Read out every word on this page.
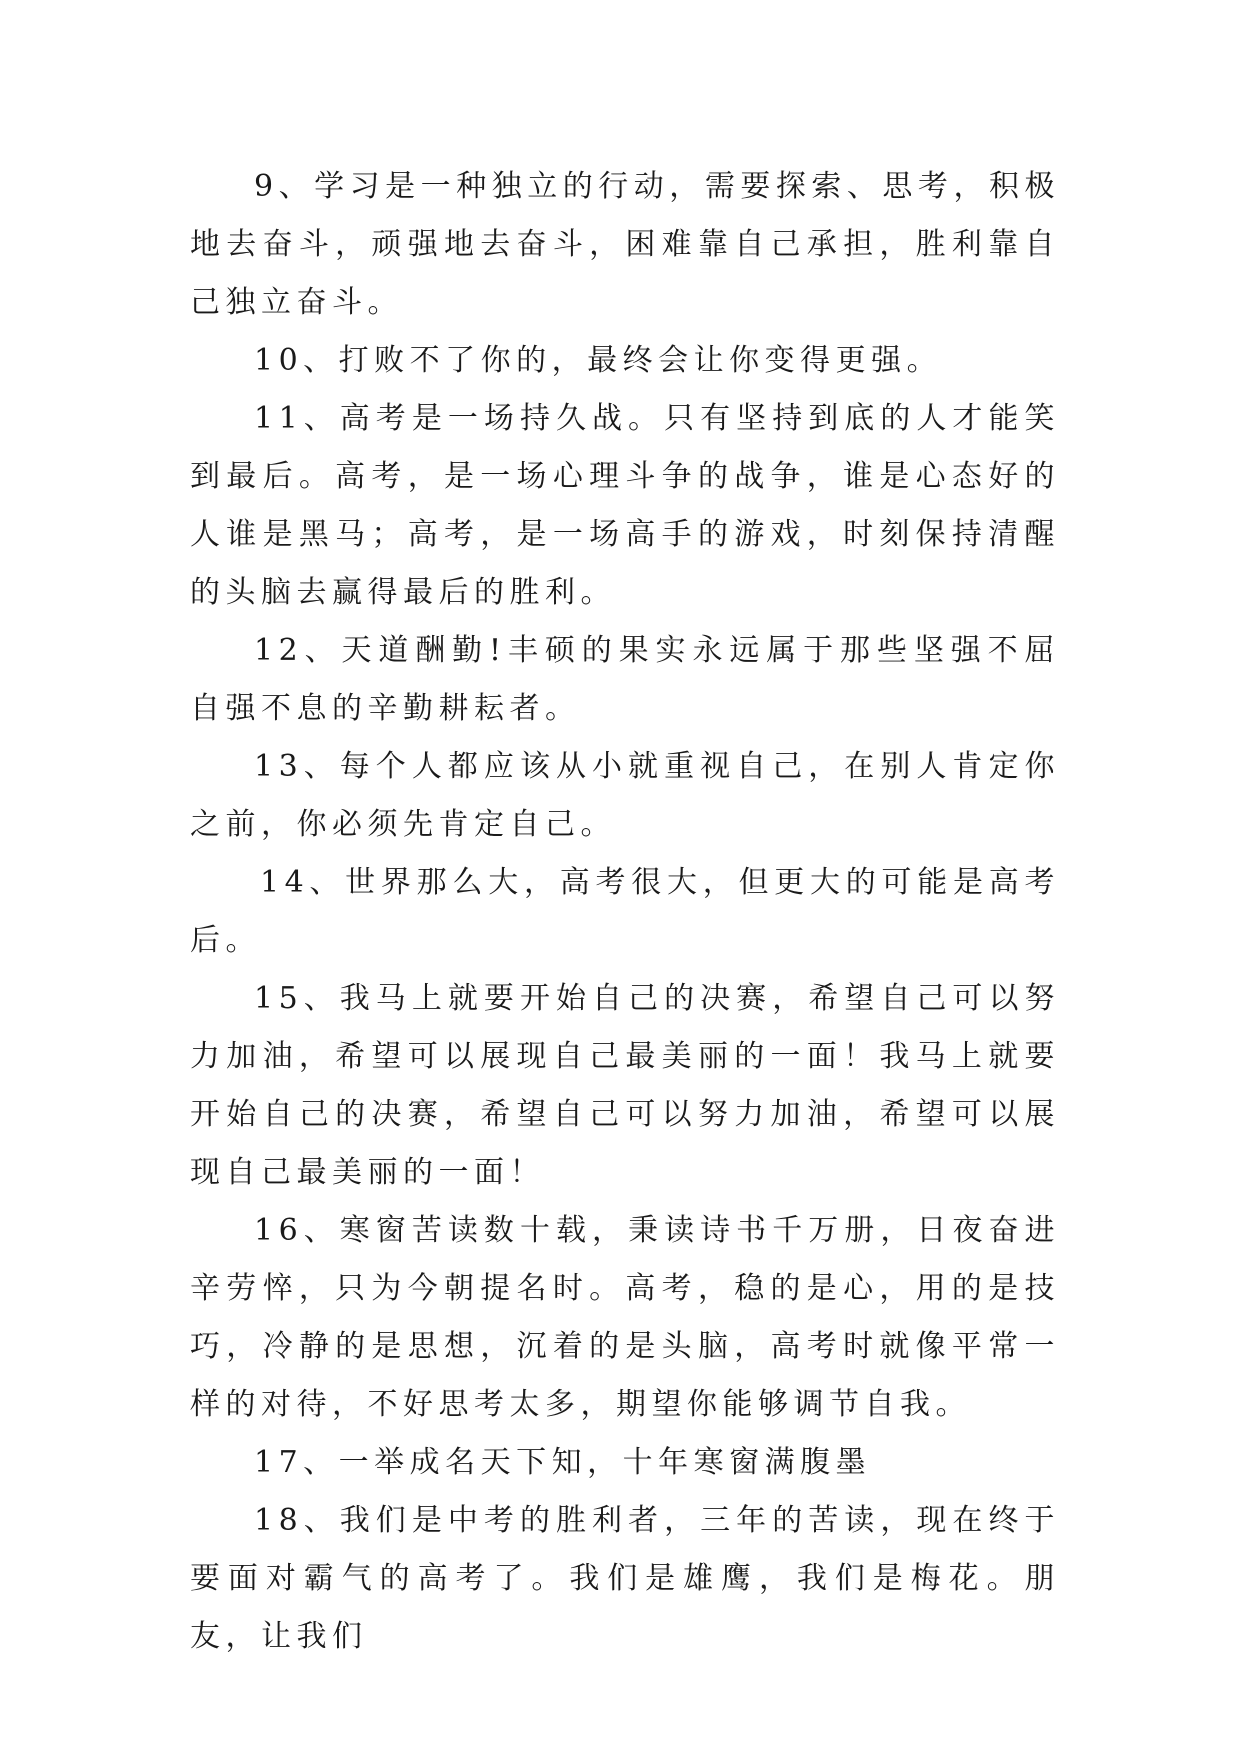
9、学习是一种独立的行动，需要探索、思考，积极地去奋斗，顽强地去奋斗，困难靠自己承担，胜利靠自己独立奋斗。

10、打败不了你的，最终会让你变得更强。

11、高考是一场持久战。只有坚持到底的人才能笑到最后。高考，是一场心理斗争的战争，谁是心态好的人谁是黑马；高考，是一场高手的游戏，时刻保持清醒的头脑去赢得最后的胜利。

12、天道酬勤!丰硕的果实永远属于那些坚强不屈自强不息的辛勤耕耘者。

13、每个人都应该从小就重视自己，在别人肯定你之前，你必须先肯定自己。

14、世界那么大，高考很大，但更大的可能是高考后。

15、我马上就要开始自己的决赛，希望自己可以努力加油，希望可以展现自己最美丽的一面！我马上就要开始自己的决赛，希望自己可以努力加油，希望可以展现自己最美丽的一面！

16、寒窗苦读数十载，秉读诗书千万册，日夜奋进辛劳悴，只为今朝提名时。高考，稳的是心，用的是技巧，冷静的是思想，沉着的是头脑，高考时就像平常一样的对待，不好思考太多，期望你能够调节自我。

17、一举成名天下知，十年寒窗满腹墨

18、我们是中考的胜利者，三年的苦读，现在终于要面对霸气的高考了。我们是雄鹰，我们是梅花。朋友，让我们
